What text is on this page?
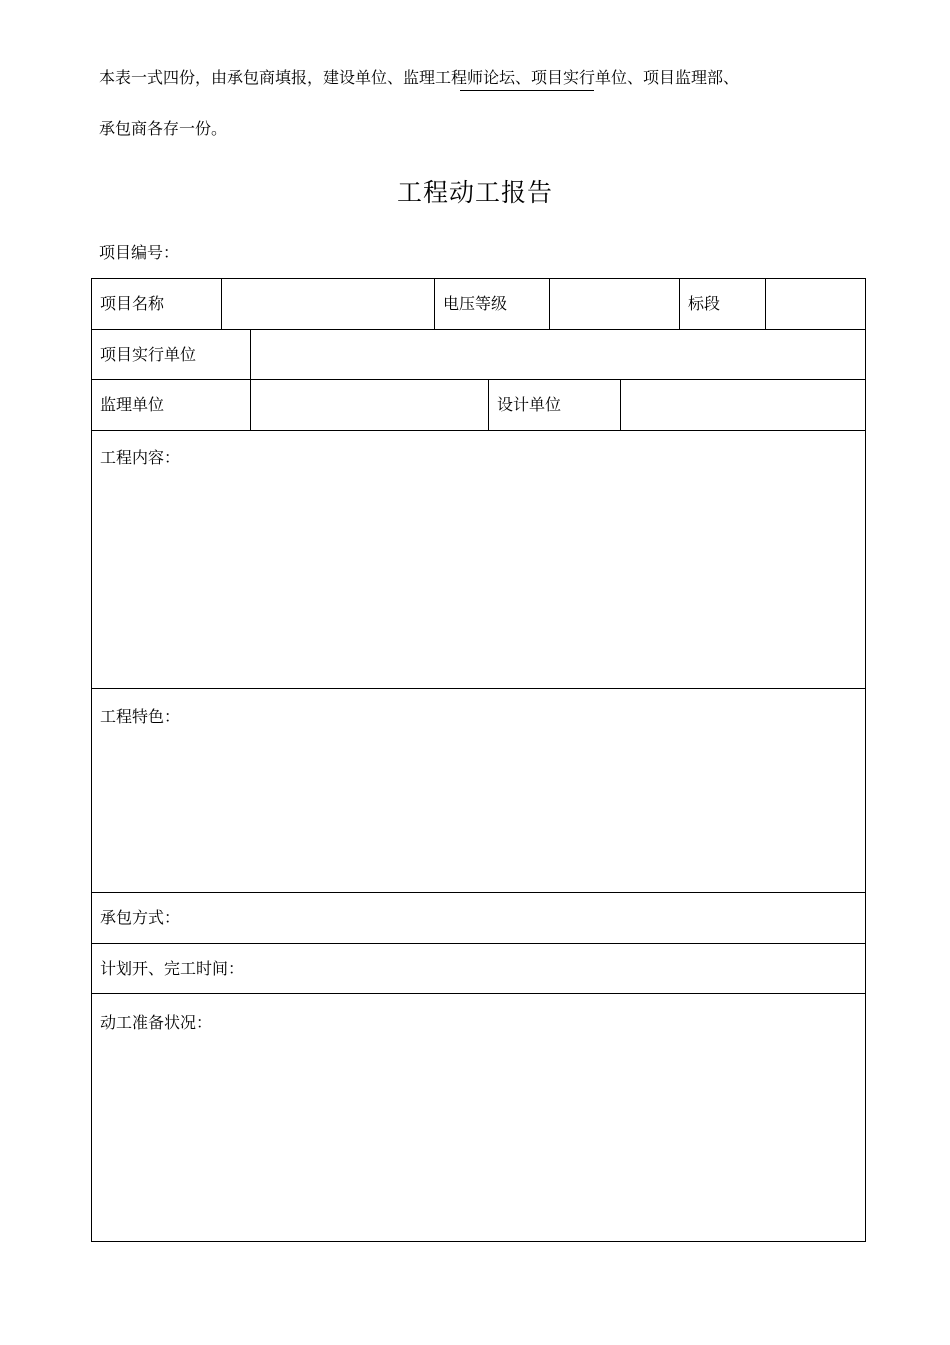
本表一式四份，由承包商填报，建设单位、监理工程师论坛、项目实行单位、项目监理部、
承包商各存一份。
工程动工报告
项目编号：
项目名称	电压等级	标段
项目实行单位
监理单位	设计单位
工程内容：
工程特色：
承包方式：
计划开、完工时间：
动工准备状况：
